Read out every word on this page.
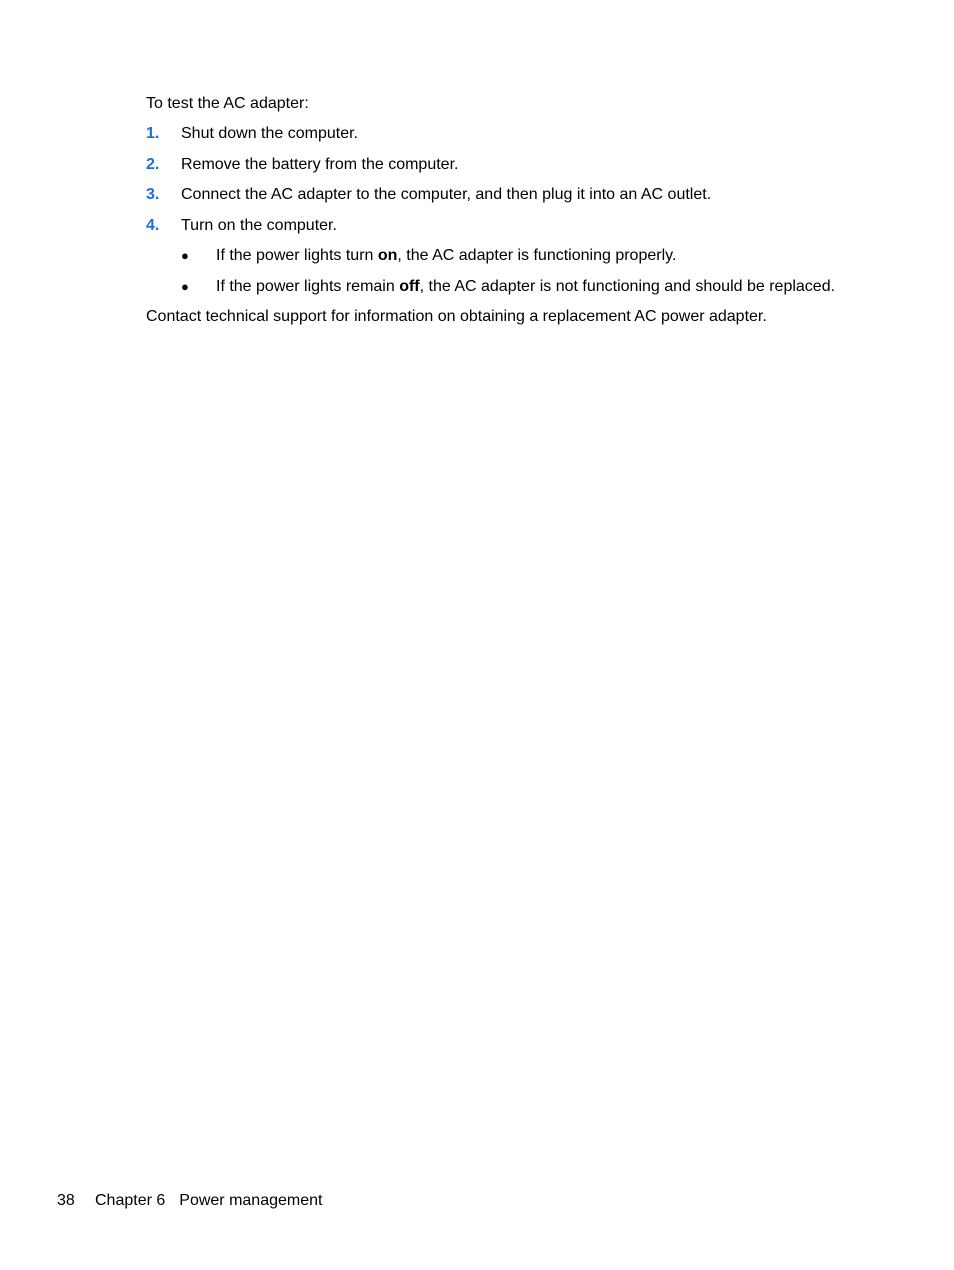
To test the AC adapter:
1. Shut down the computer.
2. Remove the battery from the computer.
3. Connect the AC adapter to the computer, and then plug it into an AC outlet.
4. Turn on the computer.
● If the power lights turn on, the AC adapter is functioning properly.
● If the power lights remain off, the AC adapter is not functioning and should be replaced.
Contact technical support for information on obtaining a replacement AC power adapter.
38 Chapter 6 Power management
